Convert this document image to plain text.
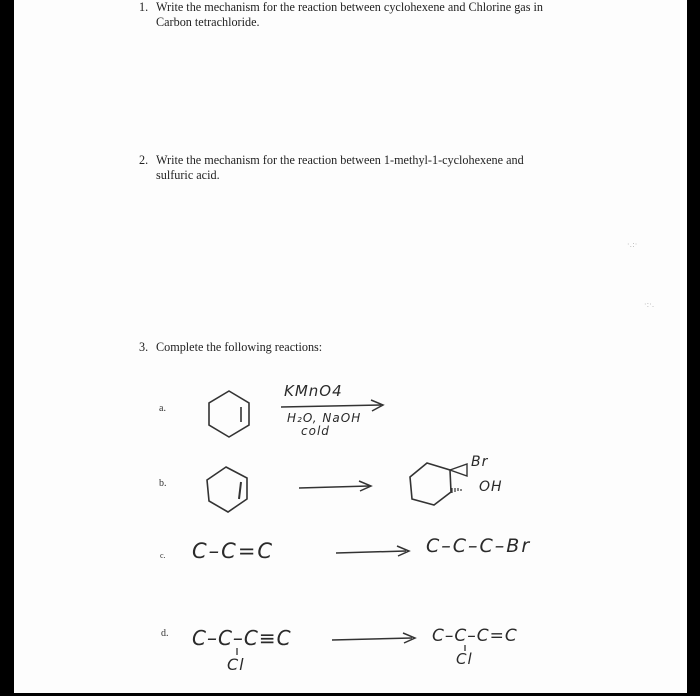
1. Write the mechanism for the reaction between cyclohexene and Chlorine gas in
Carbon tetrachloride.
2. Write the mechanism for the reaction between 1-methyl-1-cyclohexene and
sulfuric acid.
3. Complete the following reactions:
a.
KMnO4
H₂O, NaOH
cold
b.
Br
OH
c. C–C=C	C–C–C–Br
d. C–C–C≡C
Cl
C–C–C=C
Cl
·.:·
·:·.
